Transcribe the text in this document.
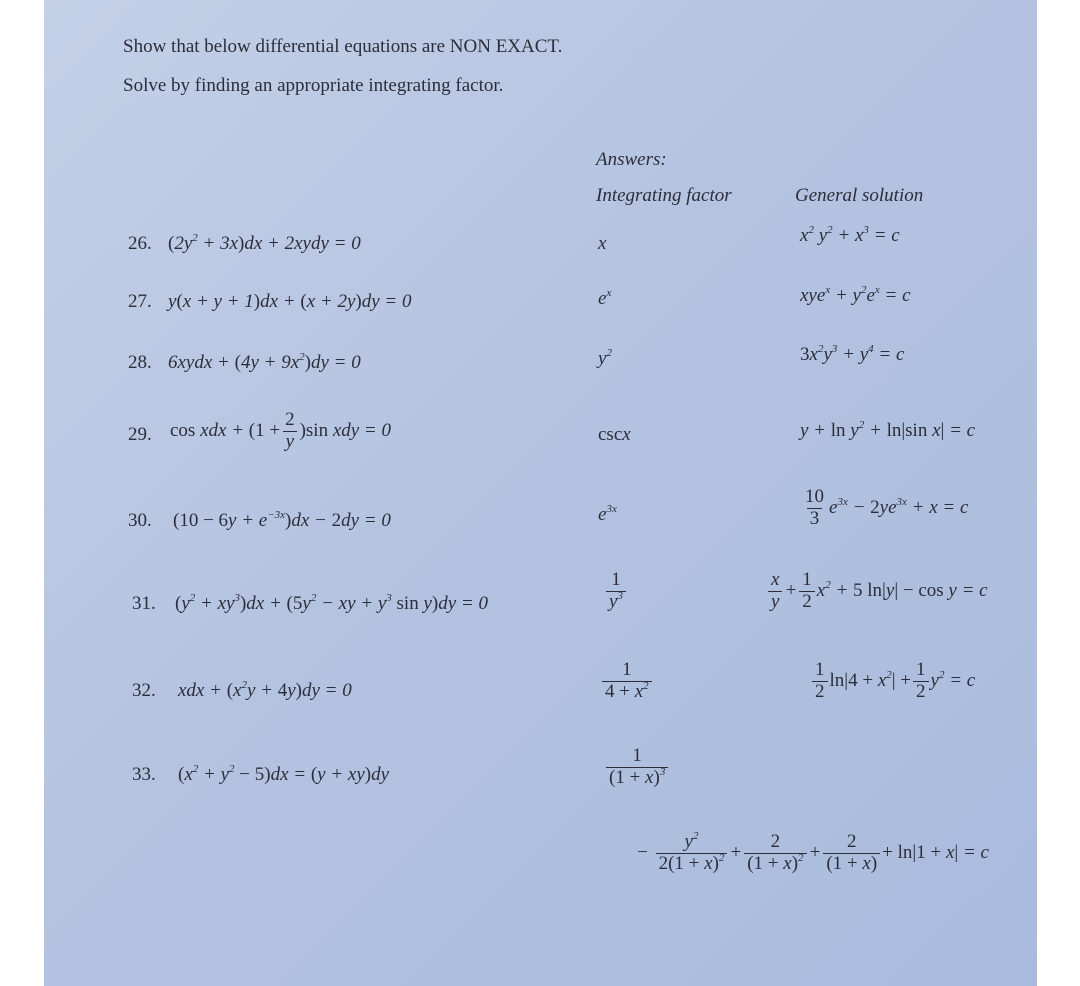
Show that below differential equations are NON EXACT.
Solve by finding an appropriate integrating factor.
Answers:
Integrating factor	General solution
26. $(2y^2 + 3x)dx$ + 2xydy = 0	x	$x^2$ $y^2 + x^3 = c$
27. y(x + y + 1)dx + (x + 2y)dy = 0	$e^x$	$xye^x + y^2e^x = c$
28. 6xydx + $(4y + 9x^2)dy = 0$	$y^2$	$3x^2y^3 + y^4 = c$
29. cos xdx + $(1 + \frac{2}{y} )\sin$ xdy = 0	cscx	$y + \ln y^2 + \ln|\sin$ x| = c
30. $(10 - 6y + e^{-3x})dx - 2dy = 0$	$e^{3x}$	$\frac{10}{3} e^{3x} - 2ye^{3x} + x = c$
31. $(y^2 + xy^3)dx + (5y^2$ − xy + $y^3$ sin y)dy = 0	$\frac{1}{y^3}$	$\frac{x}{y} + \frac{1}{2} x^2 + 5$ ln|y| − cos y = c
32. xdx + $(x^2y + 4y)dy = 0$	$\frac{1}{4 + x^2}$	$\frac{1}{2} \ln|4 + x^2| + \frac{1}{2} y^2 = c$
33. $(x^2 + y^2 - 5)dx = (y + xy)dy$	$\frac{1}{(1 + x)^3}$
− $\frac{y^2}{2(1 + x)^2} + \frac{2}{(1 + x)^2} + \frac{2}{(1 + x)} + \ln|1 + x| = c$
